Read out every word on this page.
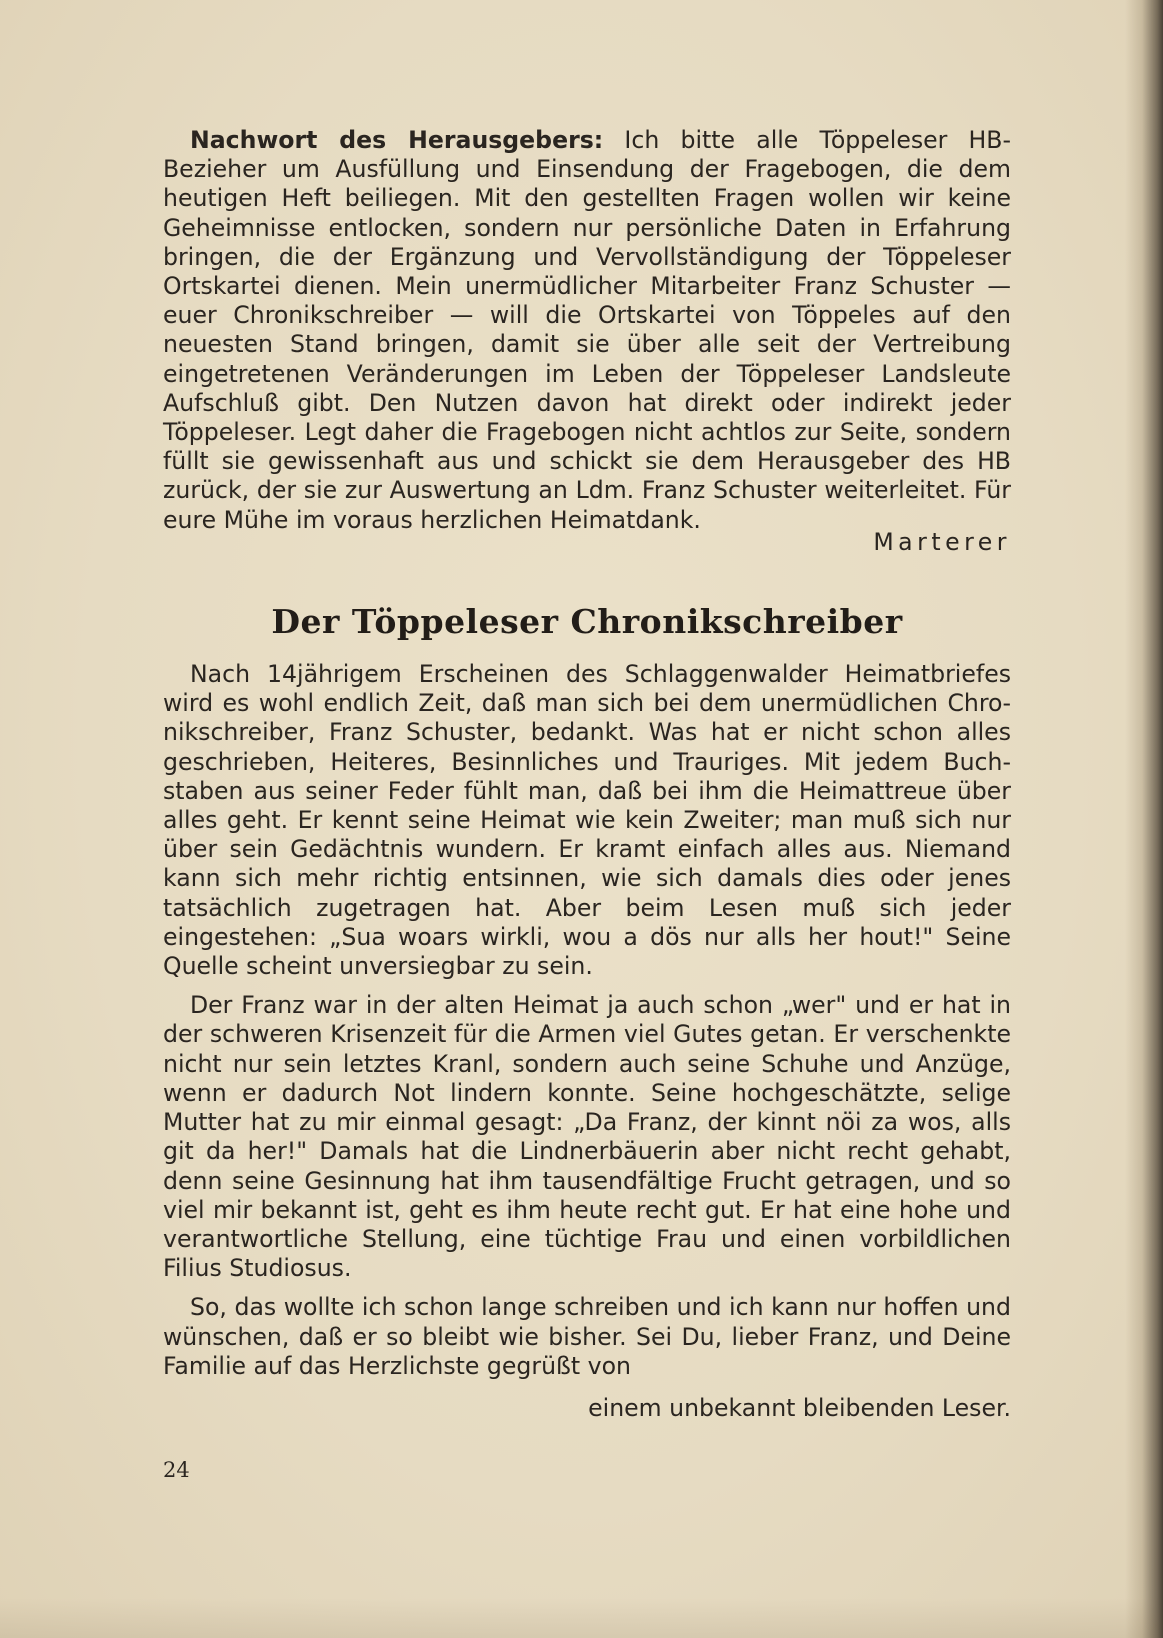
Nachwort des Herausgebers: Ich bitte alle Töppeleser HB-Bezieher um Ausfüllung und Einsendung der Fragebogen, die dem heutigen Heft beiliegen. Mit den gestellten Fragen wollen wir keine Geheimnisse entlocken, sondern nur persönliche Daten in Erfahrung bringen, die der Ergänzung und Vervollständigung der Töppeleser Ortskartei dienen. Mein unermüdlicher Mitarbeiter Franz Schuster — euer Chronikschreiber — will die Ortskartei von Töppeles auf den neuesten Stand bringen, damit sie über alle seit der Vertreibung eingetretenen Veränderungen im Leben der Töppeleser Landsleute Aufschluß gibt. Den Nutzen davon hat direkt oder indirekt jeder Töppeleser. Legt daher die Fragebogen nicht achtlos zur Seite, sondern füllt sie gewissenhaft aus und schickt sie dem Herausgeber des HB zurück, der sie zur Auswertung an Ldm. Franz Schuster weiterleitet. Für eure Mühe im voraus herzlichen Heimatdank.

Marterer

Der Töppeleser Chronikschreiber

Nach 14jährigem Erscheinen des Schlaggenwalder Heimatbriefes wird es wohl endlich Zeit, daß man sich bei dem unermüdlichen Chronikschreiber, Franz Schuster, bedankt. Was hat er nicht schon alles geschrieben, Heiteres, Besinnliches und Trauriges. Mit jedem Buchstaben aus seiner Feder fühlt man, daß bei ihm die Heimattreue über alles geht. Er kennt seine Heimat wie kein Zweiter; man muß sich nur über sein Gedächtnis wundern. Er kramt einfach alles aus. Niemand kann sich mehr richtig entsinnen, wie sich damals dies oder jenes tatsächlich zugetragen hat. Aber beim Lesen muß sich jeder eingestehen: „Sua woars wirkli, wou a dös nur alls her hout!" Seine Quelle scheint unversiegbar zu sein.

Der Franz war in der alten Heimat ja auch schon „wer" und er hat in der schweren Krisenzeit für die Armen viel Gutes getan. Er verschenkte nicht nur sein letztes Kranl, sondern auch seine Schuhe und Anzüge, wenn er dadurch Not lindern konnte. Seine hochgeschätzte, selige Mutter hat zu mir einmal gesagt: „Da Franz, der kinnt nöi za wos, alls git da her!" Damals hat die Lindnerbäuerin aber nicht recht gehabt, denn seine Gesinnung hat ihm tausendfältige Frucht getragen, und so viel mir bekannt ist, geht es ihm heute recht gut. Er hat eine hohe und verantwortliche Stellung, eine tüchtige Frau und einen vorbildlichen Filius Studiosus.

So, das wollte ich schon lange schreiben und ich kann nur hoffen und wünschen, daß er so bleibt wie bisher. Sei Du, lieber Franz, und Deine Familie auf das Herzlichste gegrüßt von

einem unbekannt bleibenden Leser.

24
